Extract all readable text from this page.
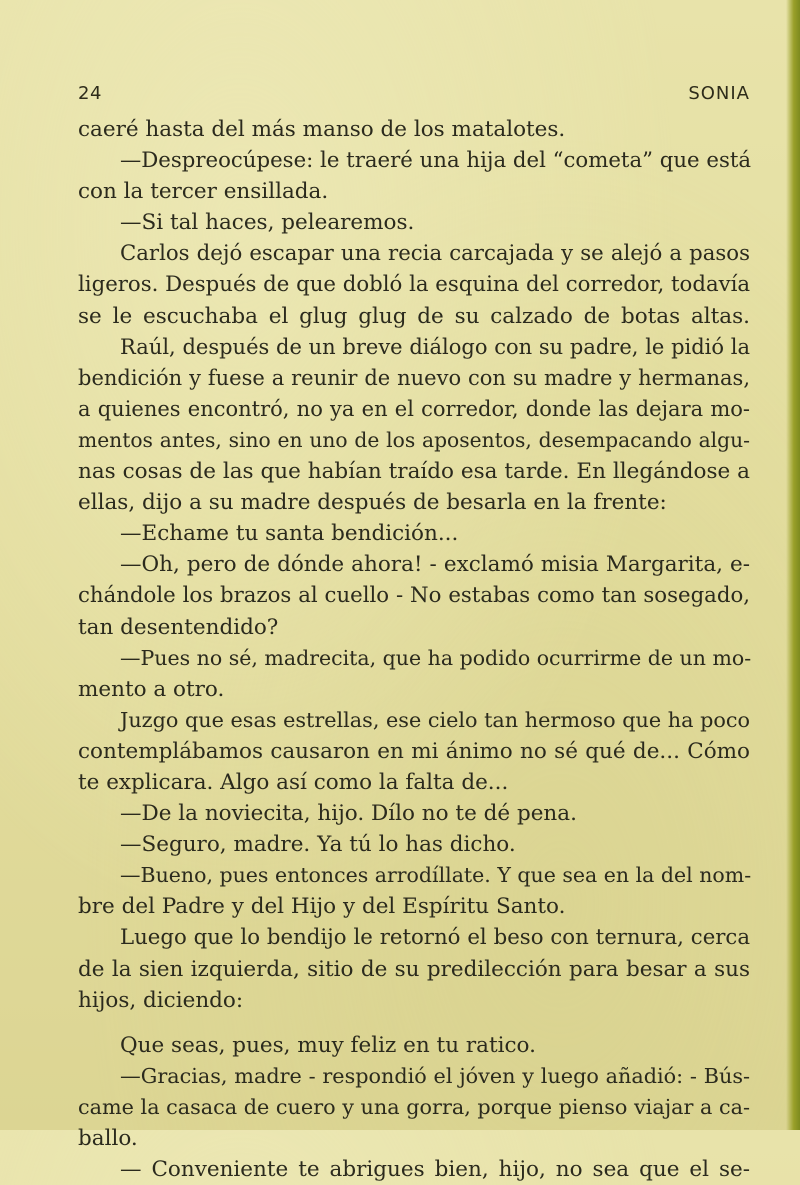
24	SONIA
caeré hasta del más manso de los matalotes.
—Despreocúpese: le traeré una hija del “cometa” que está
con la tercer ensillada.
—Si tal haces, pelearemos.
Carlos dejó escapar una recia carcajada y se alejó a pasos
ligeros. Después de que dobló la esquina del corredor, todavía
se le escuchaba el glug glug de su calzado de botas altas.
Raúl, después de un breve diálogo con su padre, le pidió la
bendición y fuese a reunir de nuevo con su madre y hermanas,
a quienes encontró, no ya en el corredor, donde las dejara mo-
mentos antes, sino en uno de los aposentos, desempacando algu-
nas cosas de las que habían traído esa tarde. En llegándose a
ellas, dijo a su madre después de besarla en la frente:
—Echame tu santa bendición...
—Oh, pero de dónde ahora! - exclamó misia Margarita, e-
chándole los brazos al cuello - No estabas como tan sosegado,
tan desentendido?
—Pues no sé, madrecita, que ha podido ocurrirme de un mo-
mento a otro.
Juzgo que esas estrellas, ese cielo tan hermoso que ha poco
contemplábamos causaron en mi ánimo no sé qué de... Cómo
te explicara. Algo así como la falta de...
—De la noviecita, hijo. Dílo no te dé pena.
—Seguro, madre. Ya tú lo has dicho.
—Bueno, pues entonces arrodíllate. Y que sea en la del nom-
bre del Padre y del Hijo y del Espíritu Santo.
Luego que lo bendijo le retornó el beso con ternura, cerca
de la sien izquierda, sitio de su predilección para besar a sus
hijos, diciendo:
Que seas, pues, muy feliz en tu ratico.
—Gracias, madre - respondió el jóven y luego añadió: - Bús-
came la casaca de cuero y una gorra, porque pienso viajar a ca-
ballo.
— Conveniente te abrigues bien, hijo, no sea que el se-
